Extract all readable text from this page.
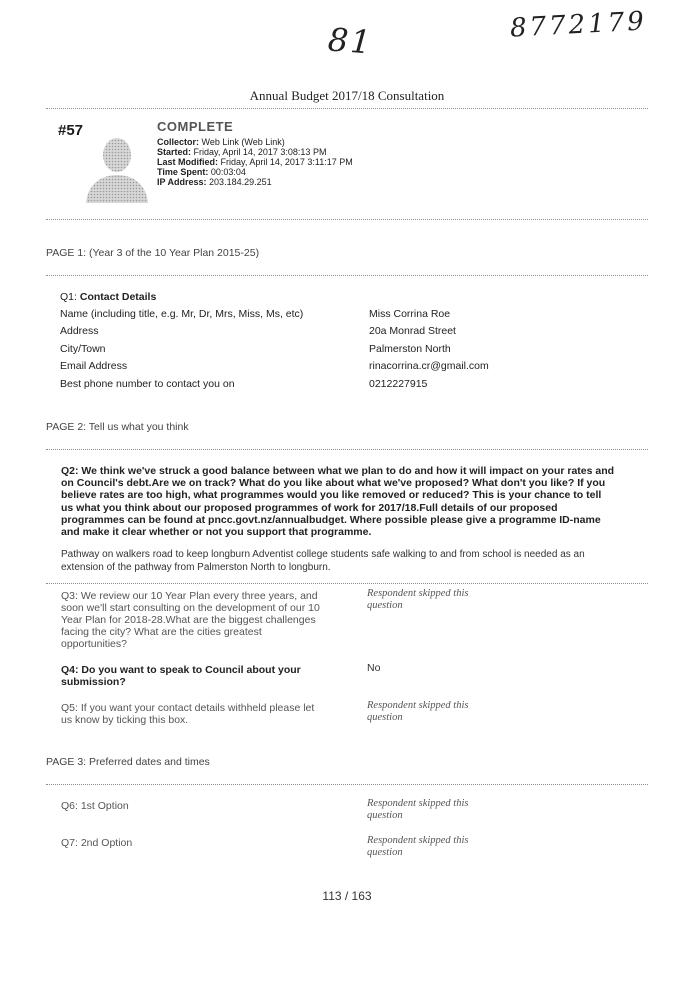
81	8772179
Annual Budget 2017/18 Consultation
#57	COMPLETE
Collector: Web Link (Web Link)
Started: Friday, April 14, 2017 3:08:13 PM
Last Modified: Friday, April 14, 2017 3:11:17 PM
Time Spent: 00:03:04
IP Address: 203.184.29.251
PAGE 1: (Year 3 of the 10 Year Plan 2015-25)
Q1: Contact Details
Name (including title, e.g. Mr, Dr, Mrs, Miss, Ms, etc)	Miss Corrina Roe
Address	20a Monrad Street
City/Town	Palmerston North
Email Address	rinacorrina.cr@gmail.com
Best phone number to contact you on	0212227915
PAGE 2: Tell us what you think
Q2: We think we've struck a good balance between what we plan to do and how it will impact on your rates and
on Council's debt.Are we on track? What do you like about what we've proposed? What don't you like? If you
believe rates are too high, what programmes would you like removed or reduced? This is your chance to tell
us what you think about our proposed programmes of work for 2017/18.Full details of our proposed
programmes can be found at pncc.govt.nz/annualbudget. Where possible please give a programme ID-name
and make it clear whether or not you support that programme.
Pathway on walkers road to keep longburn Adventist college students safe walking to and from school is needed as an
extension of the pathway from Palmerston North to longburn.
Q3: We review our 10 Year Plan every three years, and
soon we'll start consulting on the development of our 10
Year Plan for 2018-28.What are the biggest challenges
facing the city? What are the cities greatest
opportunities?
Respondent skipped this
question
Q4: Do you want to speak to Council about your
submission?
No
Q5: If you want your contact details withheld please let
us know by ticking this box.
Respondent skipped this
question
PAGE 3: Preferred dates and times
Q6: 1st Option	Respondent skipped this
question
Q7: 2nd Option	Respondent skipped this
question
113 / 163
